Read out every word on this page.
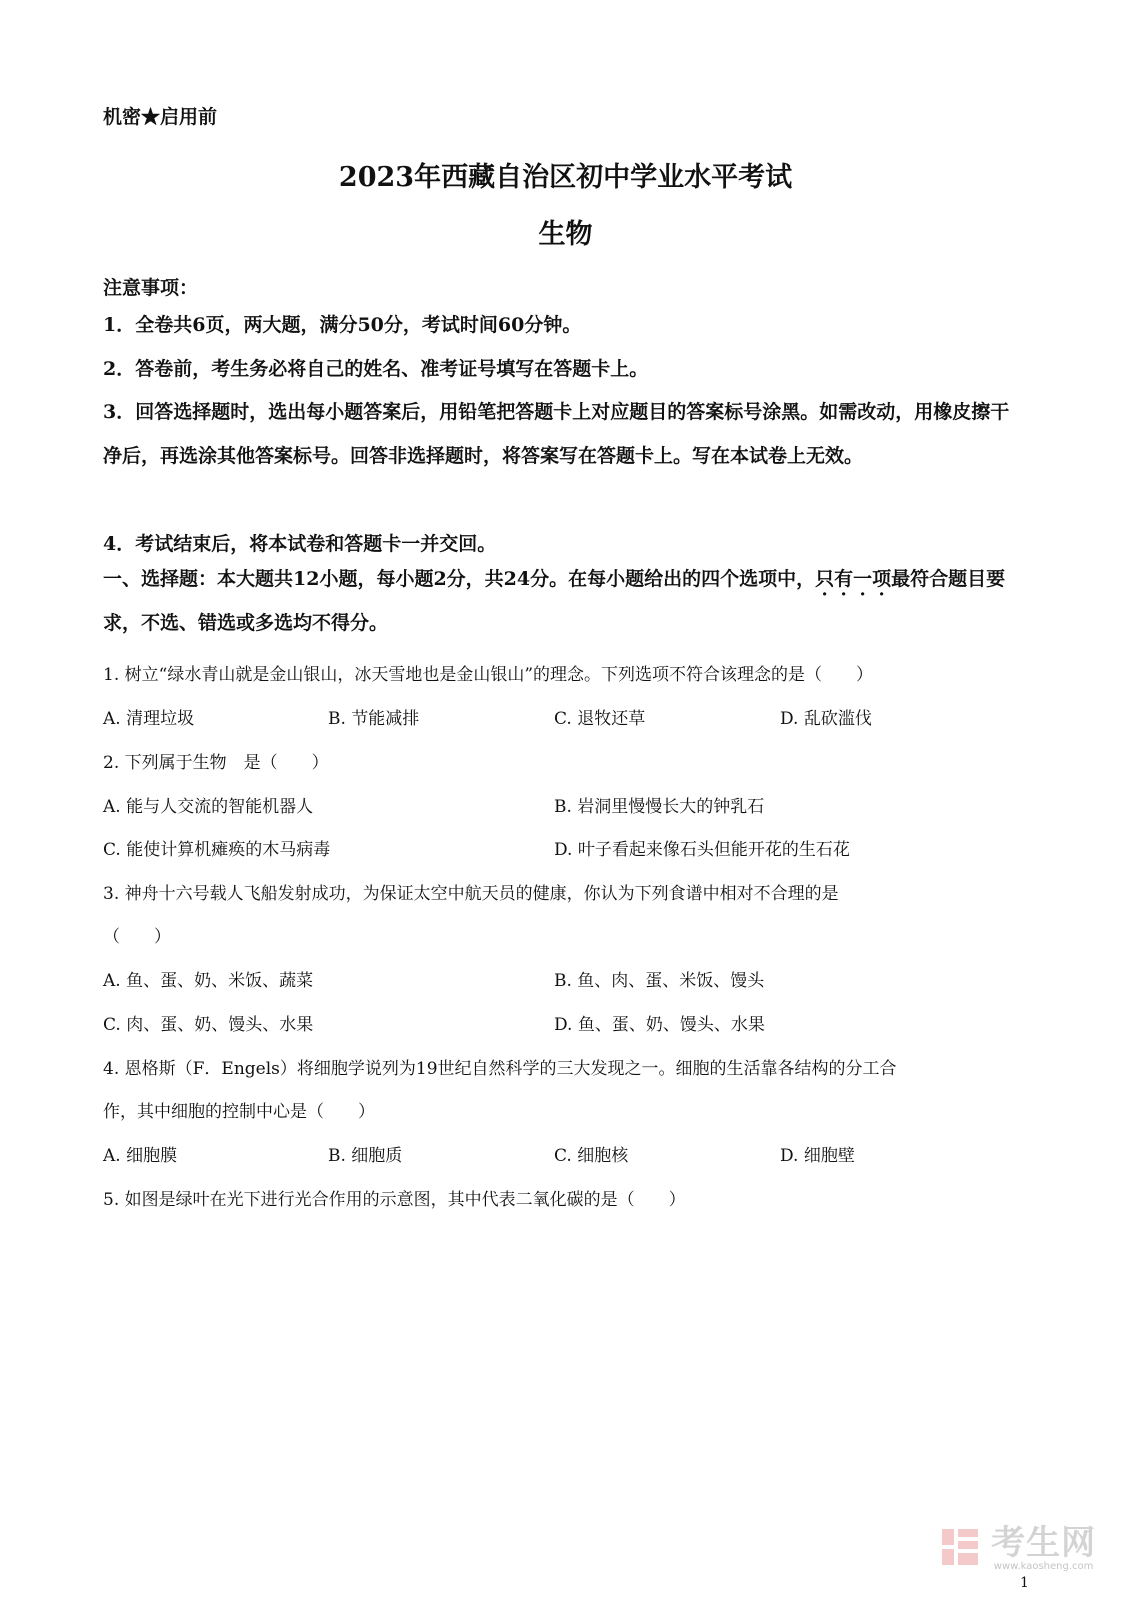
机密★启用前
2023年西藏自治区初中学业水平考试
生物
注意事项：
1．全卷共6页，两大题，满分50分，考试时间60分钟。
2．答卷前，考生务必将自己的姓名、准考证号填写在答题卡上。
3．回答选择题时，选出每小题答案后，用铅笔把答题卡上对应题目的答案标号涂黑。如需改动，用橡皮擦干净后，再选涂其他答案标号。回答非选择题时，将答案写在答题卡上。写在本试卷上无效。
4．考试结束后，将本试卷和答题卡一并交回。
一、选择题：本大题共12小题，每小题2分，共24分。在每小题给出的四个选项中，只有一项最符合题目要求，不选、错选或多选均不得分。
1. 树立“绿水青山就是金山银山，冰天雪地也是金山银山”的理念。下列选项不符合该理念的是（　　）
A. 清理垃圾	B. 节能减排	C. 退牧还草	D. 乱砍滥伐
2. 下列属于生物　是（　　）
A. 能与人交流的智能机器人	B. 岩洞里慢慢长大的钟乳石
C. 能使计算机瘫痪的木马病毒	D. 叶子看起来像石头但能开花的生石花
3. 神舟十六号载人飞船发射成功，为保证太空中航天员的健康，你认为下列食谱中相对不合理的是
（　　）
A. 鱼、蛋、奶、米饭、蔬菜	B. 鱼、肉、蛋、米饭、馒头
C. 肉、蛋、奶、馒头、水果	D. 鱼、蛋、奶、馒头、水果
4. 恩格斯（F．Engels）将细胞学说列为19世纪自然科学的三大发现之一。细胞的生活靠各结构的分工合
作，其中细胞的控制中心是（　　）
A. 细胞膜	B. 细胞质	C. 细胞核	D. 细胞壁
5. 如图是绿叶在光下进行光合作用的示意图，其中代表二氧化碳的是（　　）

考生网
www.kaosheng.com
1
